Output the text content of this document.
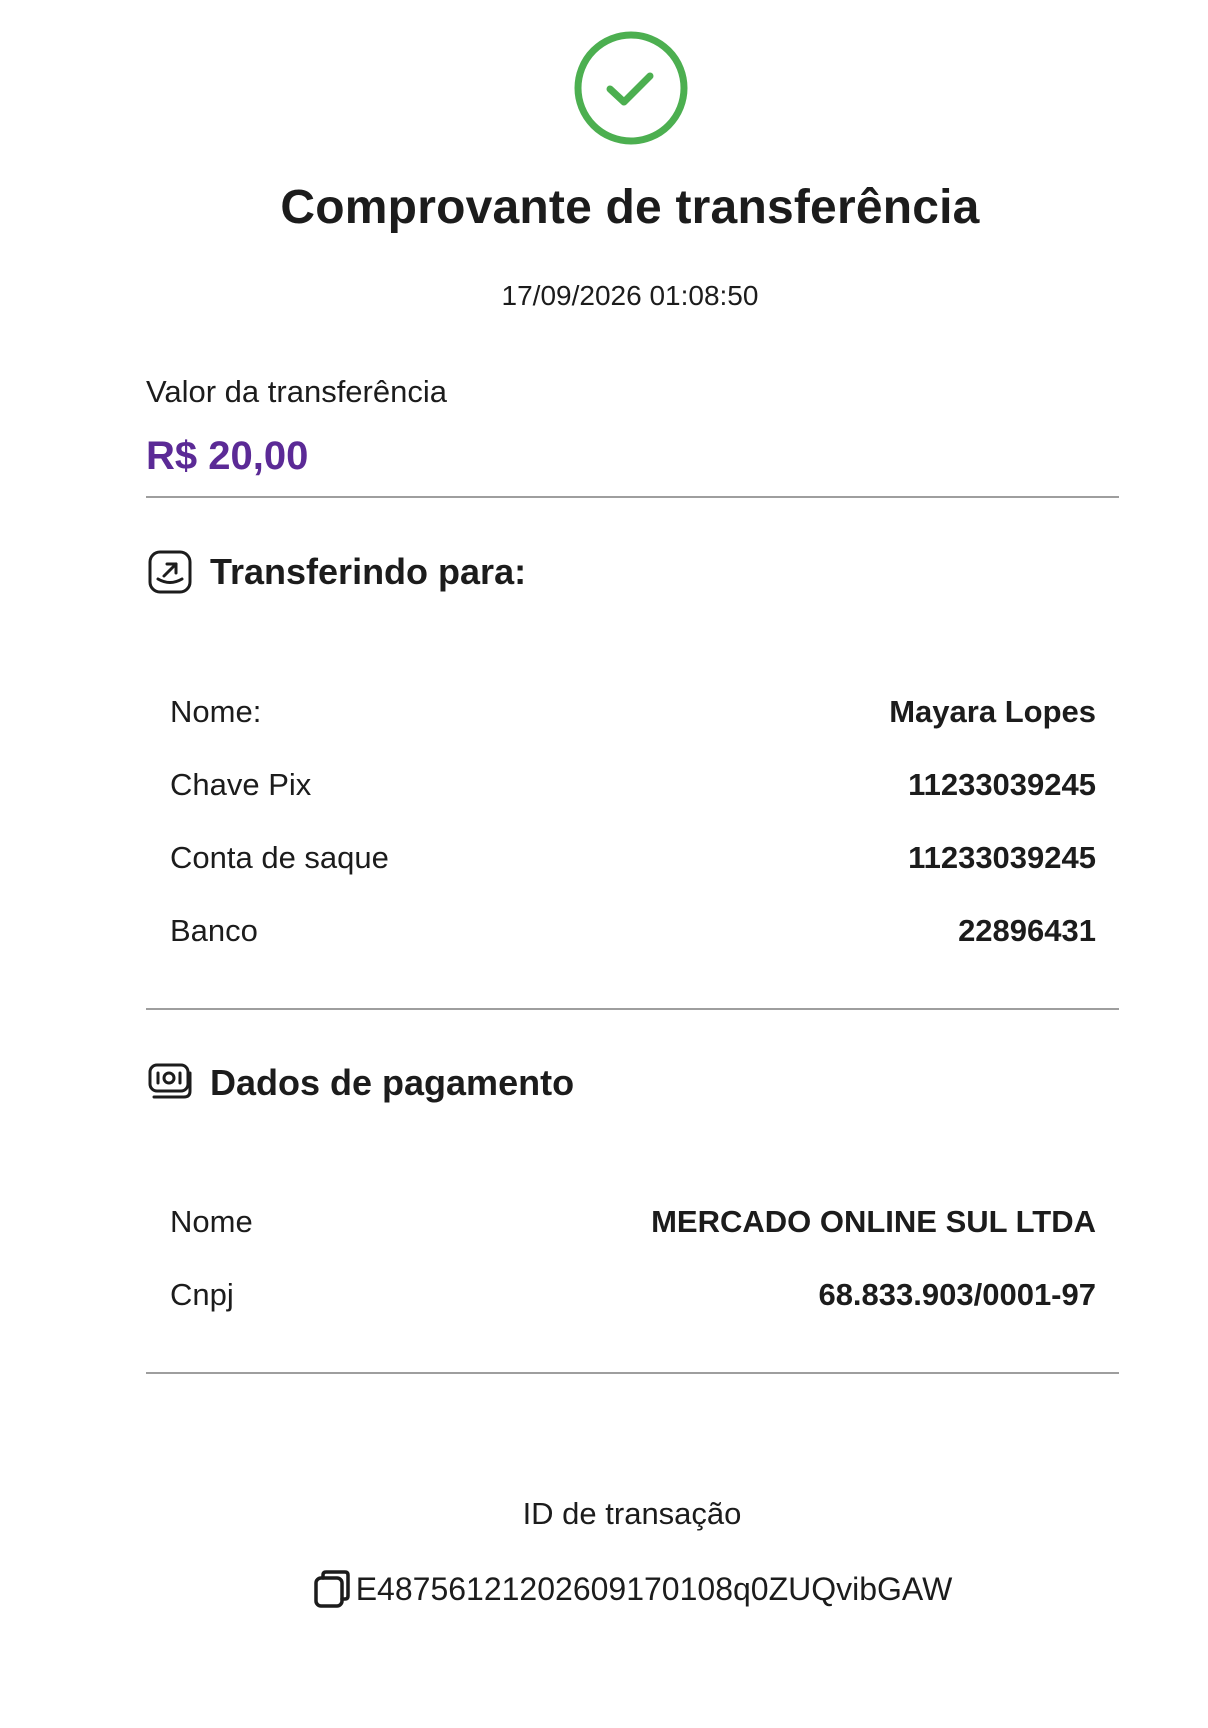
Comprovante de transferência
17/09/2026 01:08:50
Valor da transferência
R$ 20,00
Transferindo para:
Nome:	Mayara Lopes
Chave Pix	11233039245
Conta de saque	11233039245
Banco	22896431
Dados de pagamento
Nome	MERCADO ONLINE SUL LTDA
Cnpj	68.833.903/0001-97
ID de transação
E48756121202609170108q0ZUQvibGAW
